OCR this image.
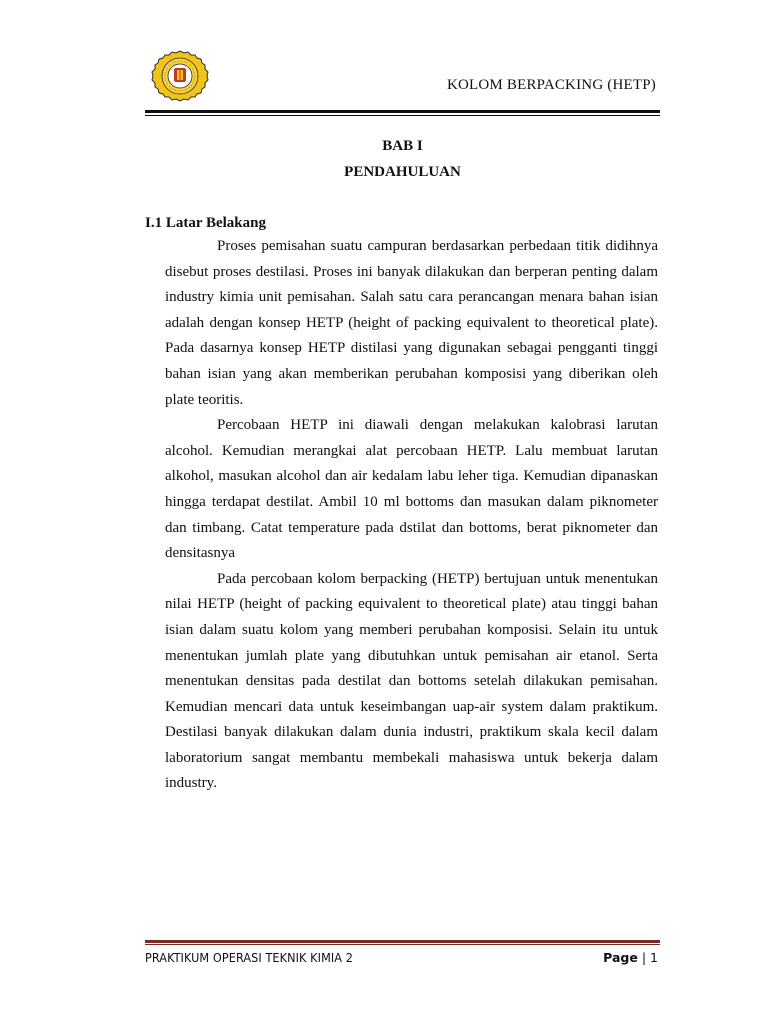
KOLOM BERPACKING (HETP)
BAB I
PENDAHULUAN
I.1 Latar Belakang

Proses pemisahan suatu campuran berdasarkan perbedaan titik didihnya disebut proses destilasi. Proses ini banyak dilakukan dan berperan penting dalam industry kimia unit pemisahan. Salah satu cara perancangan menara bahan isian adalah dengan konsep HETP (height of packing equivalent to theoretical plate). Pada dasarnya konsep HETP distilasi yang digunakan sebagai pengganti tinggi bahan isian yang akan memberikan perubahan komposisi yang diberikan oleh plate teoritis.

Percobaan HETP ini diawali dengan melakukan kalobrasi larutan alcohol. Kemudian merangkai alat percobaan HETP. Lalu membuat larutan alkohol, masukan alcohol dan air kedalam labu leher tiga. Kemudian dipanaskan hingga terdapat destilat. Ambil 10 ml bottoms dan masukan dalam piknometer dan timbang. Catat temperature pada dstilat dan bottoms, berat piknometer dan densitasnya

Pada percobaan kolom berpacking (HETP) bertujuan untuk menentukan nilai HETP (height of packing equivalent to theoretical plate) atau tinggi bahan isian dalam suatu kolom yang memberi perubahan komposisi. Selain itu untuk menentukan jumlah plate yang dibutuhkan untuk pemisahan air etanol. Serta menentukan densitas pada destilat dan bottoms setelah dilakukan pemisahan. Kemudian mencari data untuk keseimbangan uap-air system dalam praktikum. Destilasi banyak dilakukan dalam dunia industri, praktikum skala kecil dalam laboratorium sangat membantu membekali mahasiswa untuk bekerja dalam industry.

PRAKTIKUM OPERASI TEKNIK KIMIA 2	Page | 1
